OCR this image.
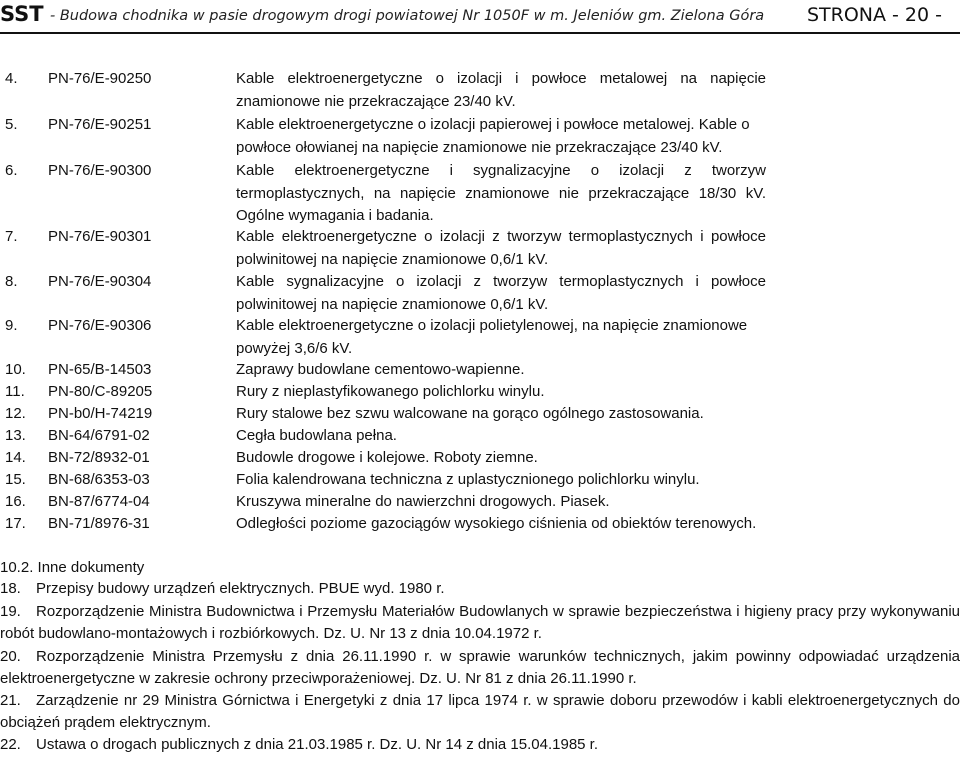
SST - Budowa chodnika w pasie drogowym drogi powiatowej Nr 1050F w m. Jeleniów gm. Zielona Góra STRONA - 20 -
4.	PN-76/E-90250	Kable elektroenergetyczne o izolacji i powłoce metalowej na napięcie znamionowe nie przekraczające 23/40 kV.
5.	PN-76/E-90251	Kable elektroenergetyczne o izolacji papierowej i powłoce metalowej. Kable o powłoce ołowianej na napięcie znamionowe nie przekraczające 23/40 kV.
6.	PN-76/E-90300	Kable elektroenergetyczne i sygnalizacyjne o izolacji z tworzyw termoplastycznych, na napięcie znamionowe nie przekraczające 18/30 kV. Ogólne wymagania i badania.
7.	PN-76/E-90301	Kable elektroenergetyczne o izolacji z tworzyw termoplastycznych i powłoce polwinitowej na napięcie znamionowe 0,6/1 kV.
8.	PN-76/E-90304	Kable sygnalizacyjne o izolacji z tworzyw termoplastycznych i powłoce polwinitowej na napięcie znamionowe 0,6/1 kV.
9.	PN-76/E-90306	Kable elektroenergetyczne o izolacji polietylenowej, na napięcie znamionowe powyżej 3,6/6 kV.
10.	PN-65/B-14503	Zaprawy budowlane cementowo-wapienne.
11.	PN-80/C-89205	Rury z nieplastyfikowanego polichlorku winylu.
12.	PN-b0/H-74219	Rury stalowe bez szwu walcowane na gorąco ogólnego zastosowania.
13.	BN-64/6791-02	Cegła budowlana pełna.
14.	BN-72/8932-01	Budowle drogowe i kolejowe. Roboty ziemne.
15.	BN-68/6353-03	Folia kalendrowana techniczna z uplastycznionego polichlorku winylu.
16.	BN-87/6774-04	Kruszywa mineralne do nawierzchni drogowych. Piasek.
17.	BN-71/8976-31	Odległości poziome gazociągów wysokiego ciśnienia od obiektów terenowych.
10.2. Inne dokumenty
18. Przepisy budowy urządzeń elektrycznych. PBUE wyd. 1980 r.
19. Rozporządzenie Ministra Budownictwa i Przemysłu Materiałów Budowlanych w sprawie bezpieczeństwa i higieny pracy przy wykonywaniu robót budowlano-montażowych i rozbiórkowych. Dz. U. Nr 13 z dnia 10.04.1972 r.
20. Rozporządzenie Ministra Przemysłu z dnia 26.11.1990 r. w sprawie warunków technicznych, jakim powinny odpowiadać urządzenia elektroenergetyczne w zakresie ochrony przeciwporażeniowej. Dz. U. Nr 81 z dnia 26.11.1990 r.
21. Zarządzenie nr 29 Ministra Górnictwa i Energetyki z dnia 17 lipca 1974 r. w sprawie doboru przewodów i kabli elektroenergetycznych do obciążeń prądem elektrycznym.
22. Ustawa o drogach publicznych z dnia 21.03.1985 r. Dz. U. Nr 14 z dnia 15.04.1985 r.
